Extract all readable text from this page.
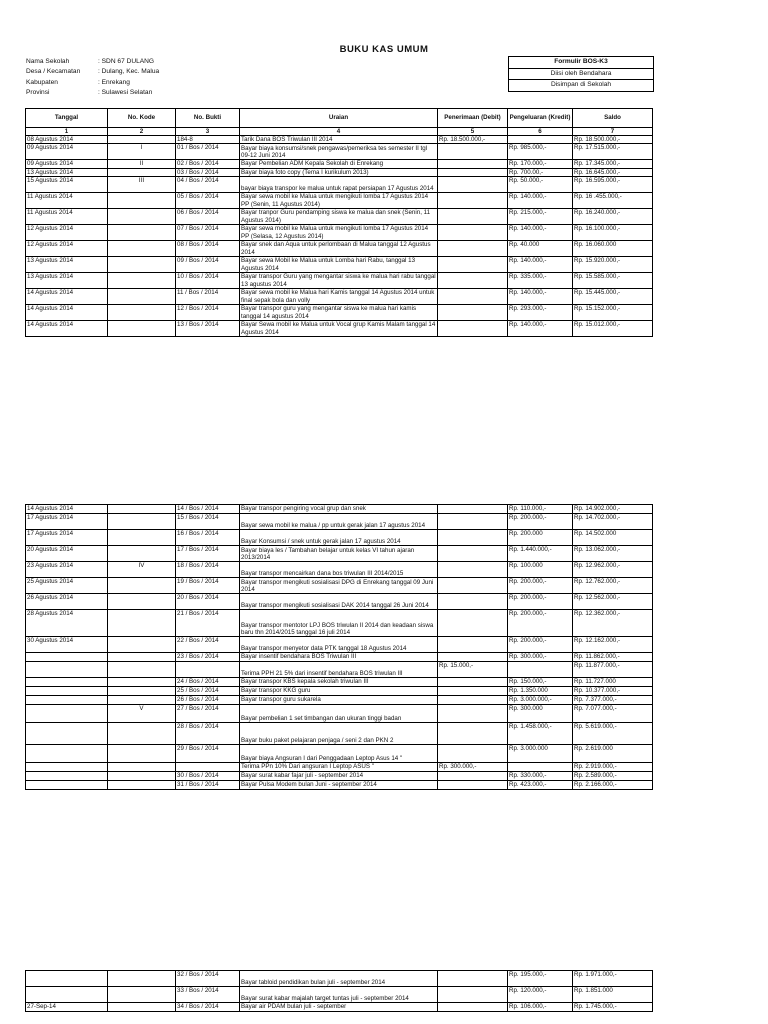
BUKU KAS UMUM
Nama Sekolah	: SDN 67 DULANG
Desa / Kecamatan	: Dulang, Kec. Malua
Kabupaten	: Enrekang
Provinsi	: Sulawesi Selatan
Formulir BOS-K3
Diisi oleh Bendahara
Disimpan di Sekolah
Tanggal	No. Kode	No. Bukti	Uraian	Penerimaan (Debit)	Pengeluaran (Kredit)	Saldo
1	2	3	4	5	6	7
08 Agustus 2014		184-8	Tarik Dana BOS Triwulan III 2014	Rp. 18.500.000,-		Rp. 18.500.000,-
09 Agustus 2014	I	01 / Bos / 2014	Bayar biaya konsumsi/snek pengawas/pemeriksa tes semester II tgl 09-12 Juni 2014		Rp. 985.000,-	Rp. 17.515.000,-
09 Agustus 2014	II	02 / Bos / 2014	Bayar Pembelian ADM Kepala Sekolah di Enrekang		Rp. 170.000,-	Rp. 17.345.000,-
13 Agustus 2014		03 / Bos / 2014	Bayar biaya foto copy (Tema I kurikulum 2013)		Rp. 700.00,-	Rp. 16.645.000,-
15 Agustus 2014	III	04 / Bos / 2014	bayar biaya transpor ke malua untuk rapat persiapan 17 Agustus 2014		Rp. 50.000,-	Rp. 16.595.000,-
11 Agustus 2014		05 / Bos / 2014	Bayar sewa mobil ke Malua untuk mengikuti lomba 17 Agustus 2014 PP (Senin, 11 Agustus 2014)		Rp. 140.000,-	Rp. 16 .455.000,-
11 Agustus 2014		06 / Bos / 2014	Bayar tranpor Guru pendamping siswa ke malua dan snek (Senin, 11 Agustus 2014)		Rp. 215.000,-	Rp. 16.240.000,-
12 Agustus 2014		07 / Bos / 2014	Bayar sewa mobil ke Malua untuk mengikuti lomba 17 Agustus 2014 PP (Selasa, 12 Agustus 2014)		Rp. 140.000,-	Rp. 16.100.000,-
12 Agustus 2014		08 / Bos / 2014	Bayar snek dan Aqua untuk perlombaan di Malua tanggal 12 Agustus 2014		Rp. 40.000	Rp. 16.060.000
13 Agustus 2014		09 / Bos / 2014	Bayar sewa Mobil ke Malua untuk Lomba hari Rabu, tanggal 13 Agustus 2014		Rp. 140.000,-	Rp. 15.920.000,-
13 Agustus 2014		10 / Bos / 2014	Bayar transpor Guru yang mengantar siswa ke malua hari rabu tanggal 13 agustus 2014		Rp. 335.000,-	Rp. 15.585.000,-
14 Agustus 2014		11 / Bos / 2014	Bayar sewa mobil ke Malua hari Kamis tanggal 14 Agustus 2014 untuk final sepak bola dan volly		Rp. 140.000,-	Rp. 15.445.000,-
14 Agustus 2014		12 / Bos / 2014	Bayar transpor guru yang mengantar siswa ke malua hari kamis tanggal 14 agustus 2014		Rp. 293.000,-	Rp. 15.152.000,-
14 Agustus 2014		13 / Bos / 2014	Bayar Sewa mobil ke Malua untuk Vocal grup Kamis Malam tanggal 14 Agustus 2014		Rp. 140.000,-	Rp. 15.012.000,-
14 Agustus 2014		14 / Bos / 2014	Bayar transpor pengiring vocal grup dan snek		Rp. 110.000,-	Rp. 14.902.000,-
17 Agustus 2014		15 / Bos / 2014	Bayar sewa mobil ke malua / pp untuk gerak jalan 17 agustus 2014		Rp. 200.000,-	Rp. 14.702.000,-
17 Agustus 2014		16 / Bos / 2014	Bayar Konsumsi / snek untuk gerak jalan 17 agustus 2014		Rp. 200.000	Rp. 14.502.000
20 Agustus 2014		17 / Bos / 2014	Bayar biaya les / Tambahan belajar untuk kelas VI tahun ajaran 2013/2014		Rp. 1.440.000,-	Rp. 13.062.000,-
23 Agustus 2014	IV	18 / Bos / 2014	Bayar transpor mencairkan dana bos triwulan III 2014/2015		Rp. 100.000	Rp. 12.962.000,-
25 Agustus 2014		19 / Bos / 2014	Bayar transpor mengikuti sosialisasi DPG di Enrekang tanggal 09 Juni 2014		Rp. 200.000,-	Rp. 12.762.000,-
26 Agustus 2014		20 / Bos / 2014	Bayar transpor mengikuti sosialisasi DAK 2014 tanggal 26 Juni 2014		Rp. 200.000,-	Rp. 12.562.000,-
28 Agustus 2014		21 / Bos / 2014	Bayar transpor mentotor LPJ BOS triwulan II 2014 dan keadaan siswa baru thn 2014/2015 tanggal 16 juli 2014		Rp. 200.000,-	Rp. 12.362.000,-
30 Agustus 2014		22 / Bos / 2014	Bayar transpor menyetor data PTK tanggal 18 Agustus 2014		Rp. 200.000,-	Rp. 12.162.000,-
		23 / Bos / 2014	Bayar insentif bendahara BOS Triwulan III		Rp. 300.000,-	Rp. 11.862.000,-
			Terima PPH 21 5% dari insentif bendahara BOS triwulan III	Rp. 15.000,-		Rp. 11.877.000,-
		24 / Bos / 2014	Bayar transpor KBS kepala sekolah triwulan III		Rp. 150.000,-	Rp. 11.727.000
		25 / Bos / 2014	Bayar transpor KKG guru		Rp. 1.350.000	Rp. 10.377.000,-
		26 / Bos / 2014	Bayar transpor guru sukarela		Rp. 3.000.000,-	Rp. 7.377.000,-
	V	27 / Bos / 2014	Bayar pembelian 1 set timbangan dan ukuran tinggi badan		Rp. 300.000	Rp. 7.077.000,-
		28 / Bos / 2014	Bayar buku paket pelajaran penjaga / seni 2 dan PKN 2		Rp. 1.458.000,-	Rp. 5.619.000,-
		29 / Bos / 2014	Bayar biaya Angsuran I dari Penggadaan Leptop Asus 14 "		Rp. 3.000.000	Rp. 2.619.000
			Terima PPn 10% Dari angsuran I Leptop ASUS "	Rp. 300.000,-		Rp. 2.919.000,-
		30 / Bos / 2014	Bayar surat kabar fajar juli - september 2014		Rp. 330.000,-	Rp. 2.589.000,-
		31 / Bos / 2014	Bayar Pulsa Modem bulan Juni - september 2014		Rp. 423.000,-	Rp. 2.166.000,-
		32 / Bos / 2014	Bayar tabloid pendidikan bulan juli - september 2014		Rp. 195.000,-	Rp. 1.971.000,-
		33 / Bos / 2014	Bayar surat kabar majalah target tuntas juli - september 2014		Rp. 120.000,-	Rp. 1.851.000
27-Sep-14		34 / Bos / 2014	Bayar air PDAM bulan juli - september		Rp. 106.000,-	Rp. 1.745.000,-
